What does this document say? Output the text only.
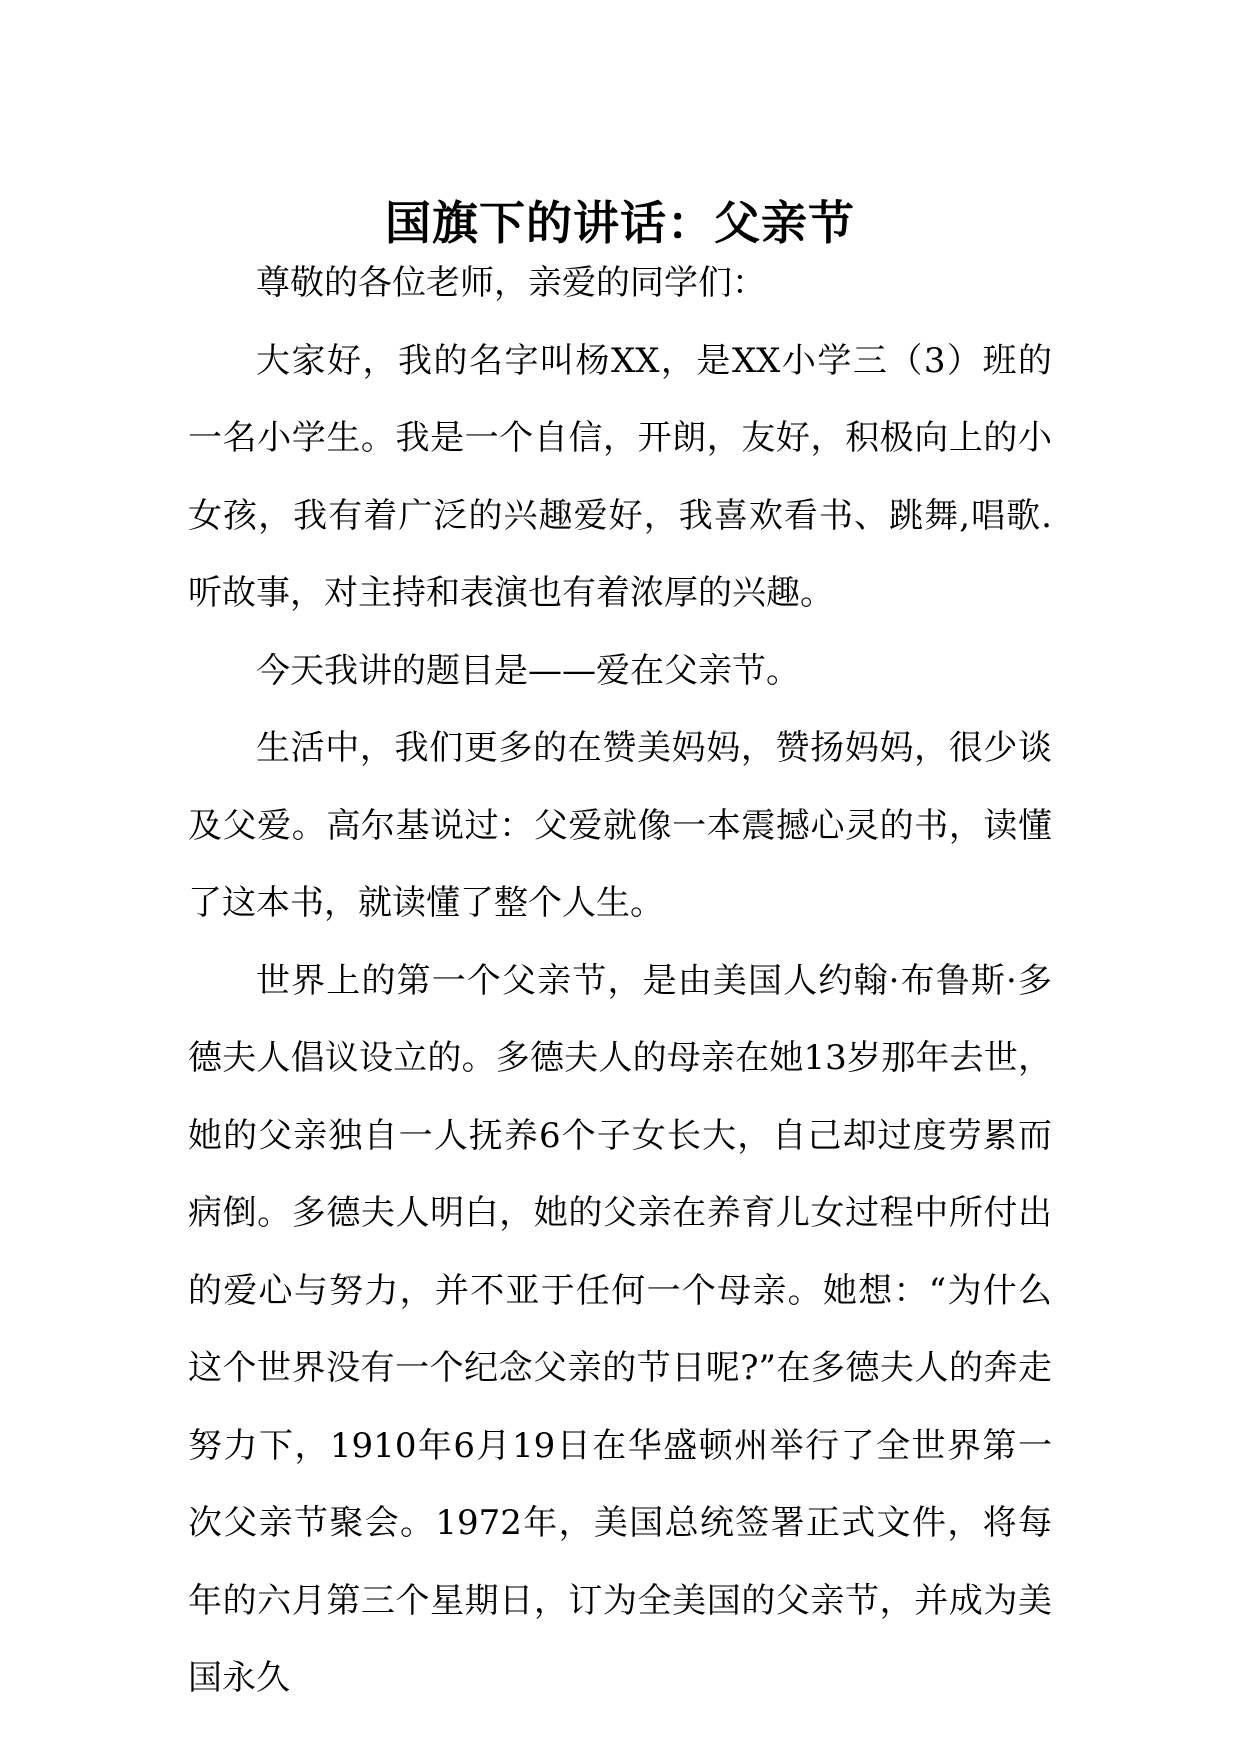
国旗下的讲话：父亲节

尊敬的各位老师，亲爱的同学们：

大家好，我的名字叫杨XX，是XX小学三（3）班的一名小学生。我是一个自信，开朗，友好，积极向上的小女孩，我有着广泛的兴趣爱好，我喜欢看书、跳舞,唱歌.听故事，对主持和表演也有着浓厚的兴趣。

今天我讲的题目是——爱在父亲节。

生活中，我们更多的在赞美妈妈，赞扬妈妈，很少谈及父爱。高尔基说过：父爱就像一本震撼心灵的书，读懂了这本书，就读懂了整个人生。

世界上的第一个父亲节，是由美国人约翰·布鲁斯·多德夫人倡议设立的。多德夫人的母亲在她13岁那年去世，她的父亲独自一人抚养6个子女长大，自己却过度劳累而病倒。多德夫人明白，她的父亲在养育儿女过程中所付出的爱心与努力，并不亚于任何一个母亲。她想：“为什么这个世界没有一个纪念父亲的节日呢?”在多德夫人的奔走努力下，1910年6月19日在华盛顿州举行了全世界第一次父亲节聚会。1972年，美国总统签署正式文件，将每年的六月第三个星期日，订为全美国的父亲节，并成为美国永久
